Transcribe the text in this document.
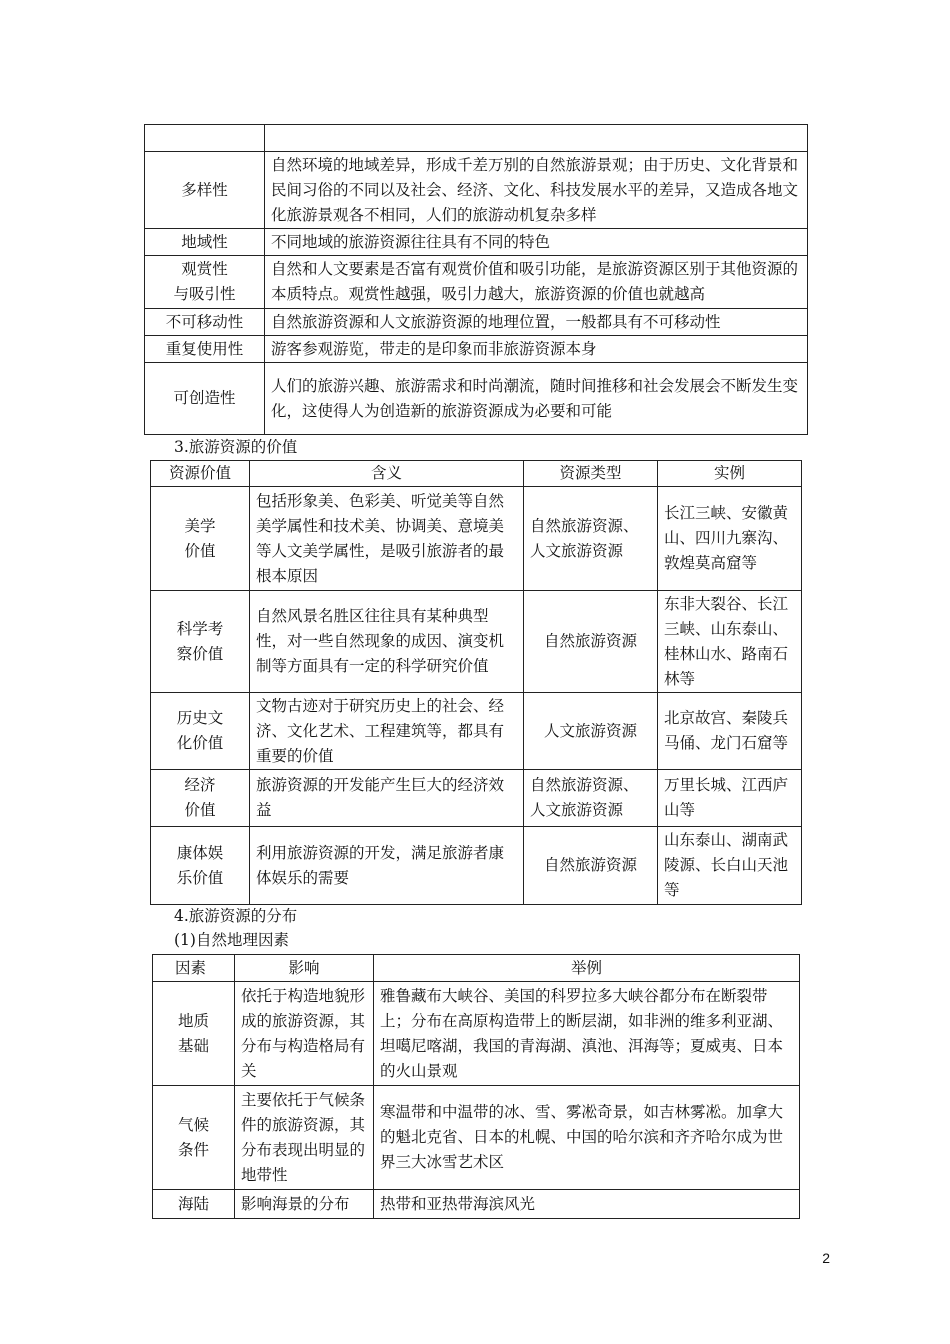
多样性	自然环境的地域差异，形成千差万别的自然旅游景观；由于历史、文化背景和民间习俗的不同以及社会、经济、文化、科技发展水平的差异，又造成各地文化旅游景观各不相同，人们的旅游动机复杂多样
地域性	不同地域的旅游资源往往具有不同的特色
观赏性
与吸引性	自然和人文要素是否富有观赏价值和吸引功能，是旅游资源区别于其他资源的本质特点。观赏性越强，吸引力越大，旅游资源的价值也就越高
不可移动性	自然旅游资源和人文旅游资源的地理位置，一般都具有不可移动性
重复使用性	游客参观游览，带走的是印象而非旅游资源本身
可创造性	人们的旅游兴趣、旅游需求和时尚潮流，随时间推移和社会发展会不断发生变化，这使得人为创造新的旅游资源成为必要和可能
3.旅游资源的价值
资源价值	含义	资源类型	实例
美学
价值	包括形象美、色彩美、听觉美等自然美学属性和技术美、协调美、意境美等人文美学属性，是吸引旅游者的最根本原因	自然旅游资源、人文旅游资源	长江三峡、安徽黄山、四川九寨沟、敦煌莫高窟等
科学考
察价值	自然风景名胜区往往具有某种典型性，对一些自然现象的成因、演变机制等方面具有一定的科学研究价值	自然旅游资源	东非大裂谷、长江三峡、山东泰山、桂林山水、路南石林等
历史文
化价值	文物古迹对于研究历史上的社会、经济、文化艺术、工程建筑等，都具有重要的价值	人文旅游资源	北京故宫、秦陵兵马俑、龙门石窟等
经济
价值	旅游资源的开发能产生巨大的经济效益	自然旅游资源、人文旅游资源	万里长城、江西庐山等
康体娱
乐价值	利用旅游资源的开发，满足旅游者康体娱乐的需要	自然旅游资源	山东泰山、湖南武陵源、长白山天池等
4.旅游资源的分布
(1)自然地理因素
因素	影响	举例
地质
基础	依托于构造地貌形成的旅游资源，其分布与构造格局有关	雅鲁藏布大峡谷、美国的科罗拉多大峡谷都分布在断裂带上；分布在高原构造带上的断层湖，如非洲的维多利亚湖、坦噶尼喀湖，我国的青海湖、滇池、洱海等；夏威夷、日本的火山景观
气候
条件	主要依托于气候条件的旅游资源，其分布表现出明显的地带性	寒温带和中温带的冰、雪、雾凇奇景，如吉林雾凇。加拿大的魁北克省、日本的札幌、中国的哈尔滨和齐齐哈尔成为世界三大冰雪艺术区
海陆	影响海景的分布	热带和亚热带海滨风光
2
